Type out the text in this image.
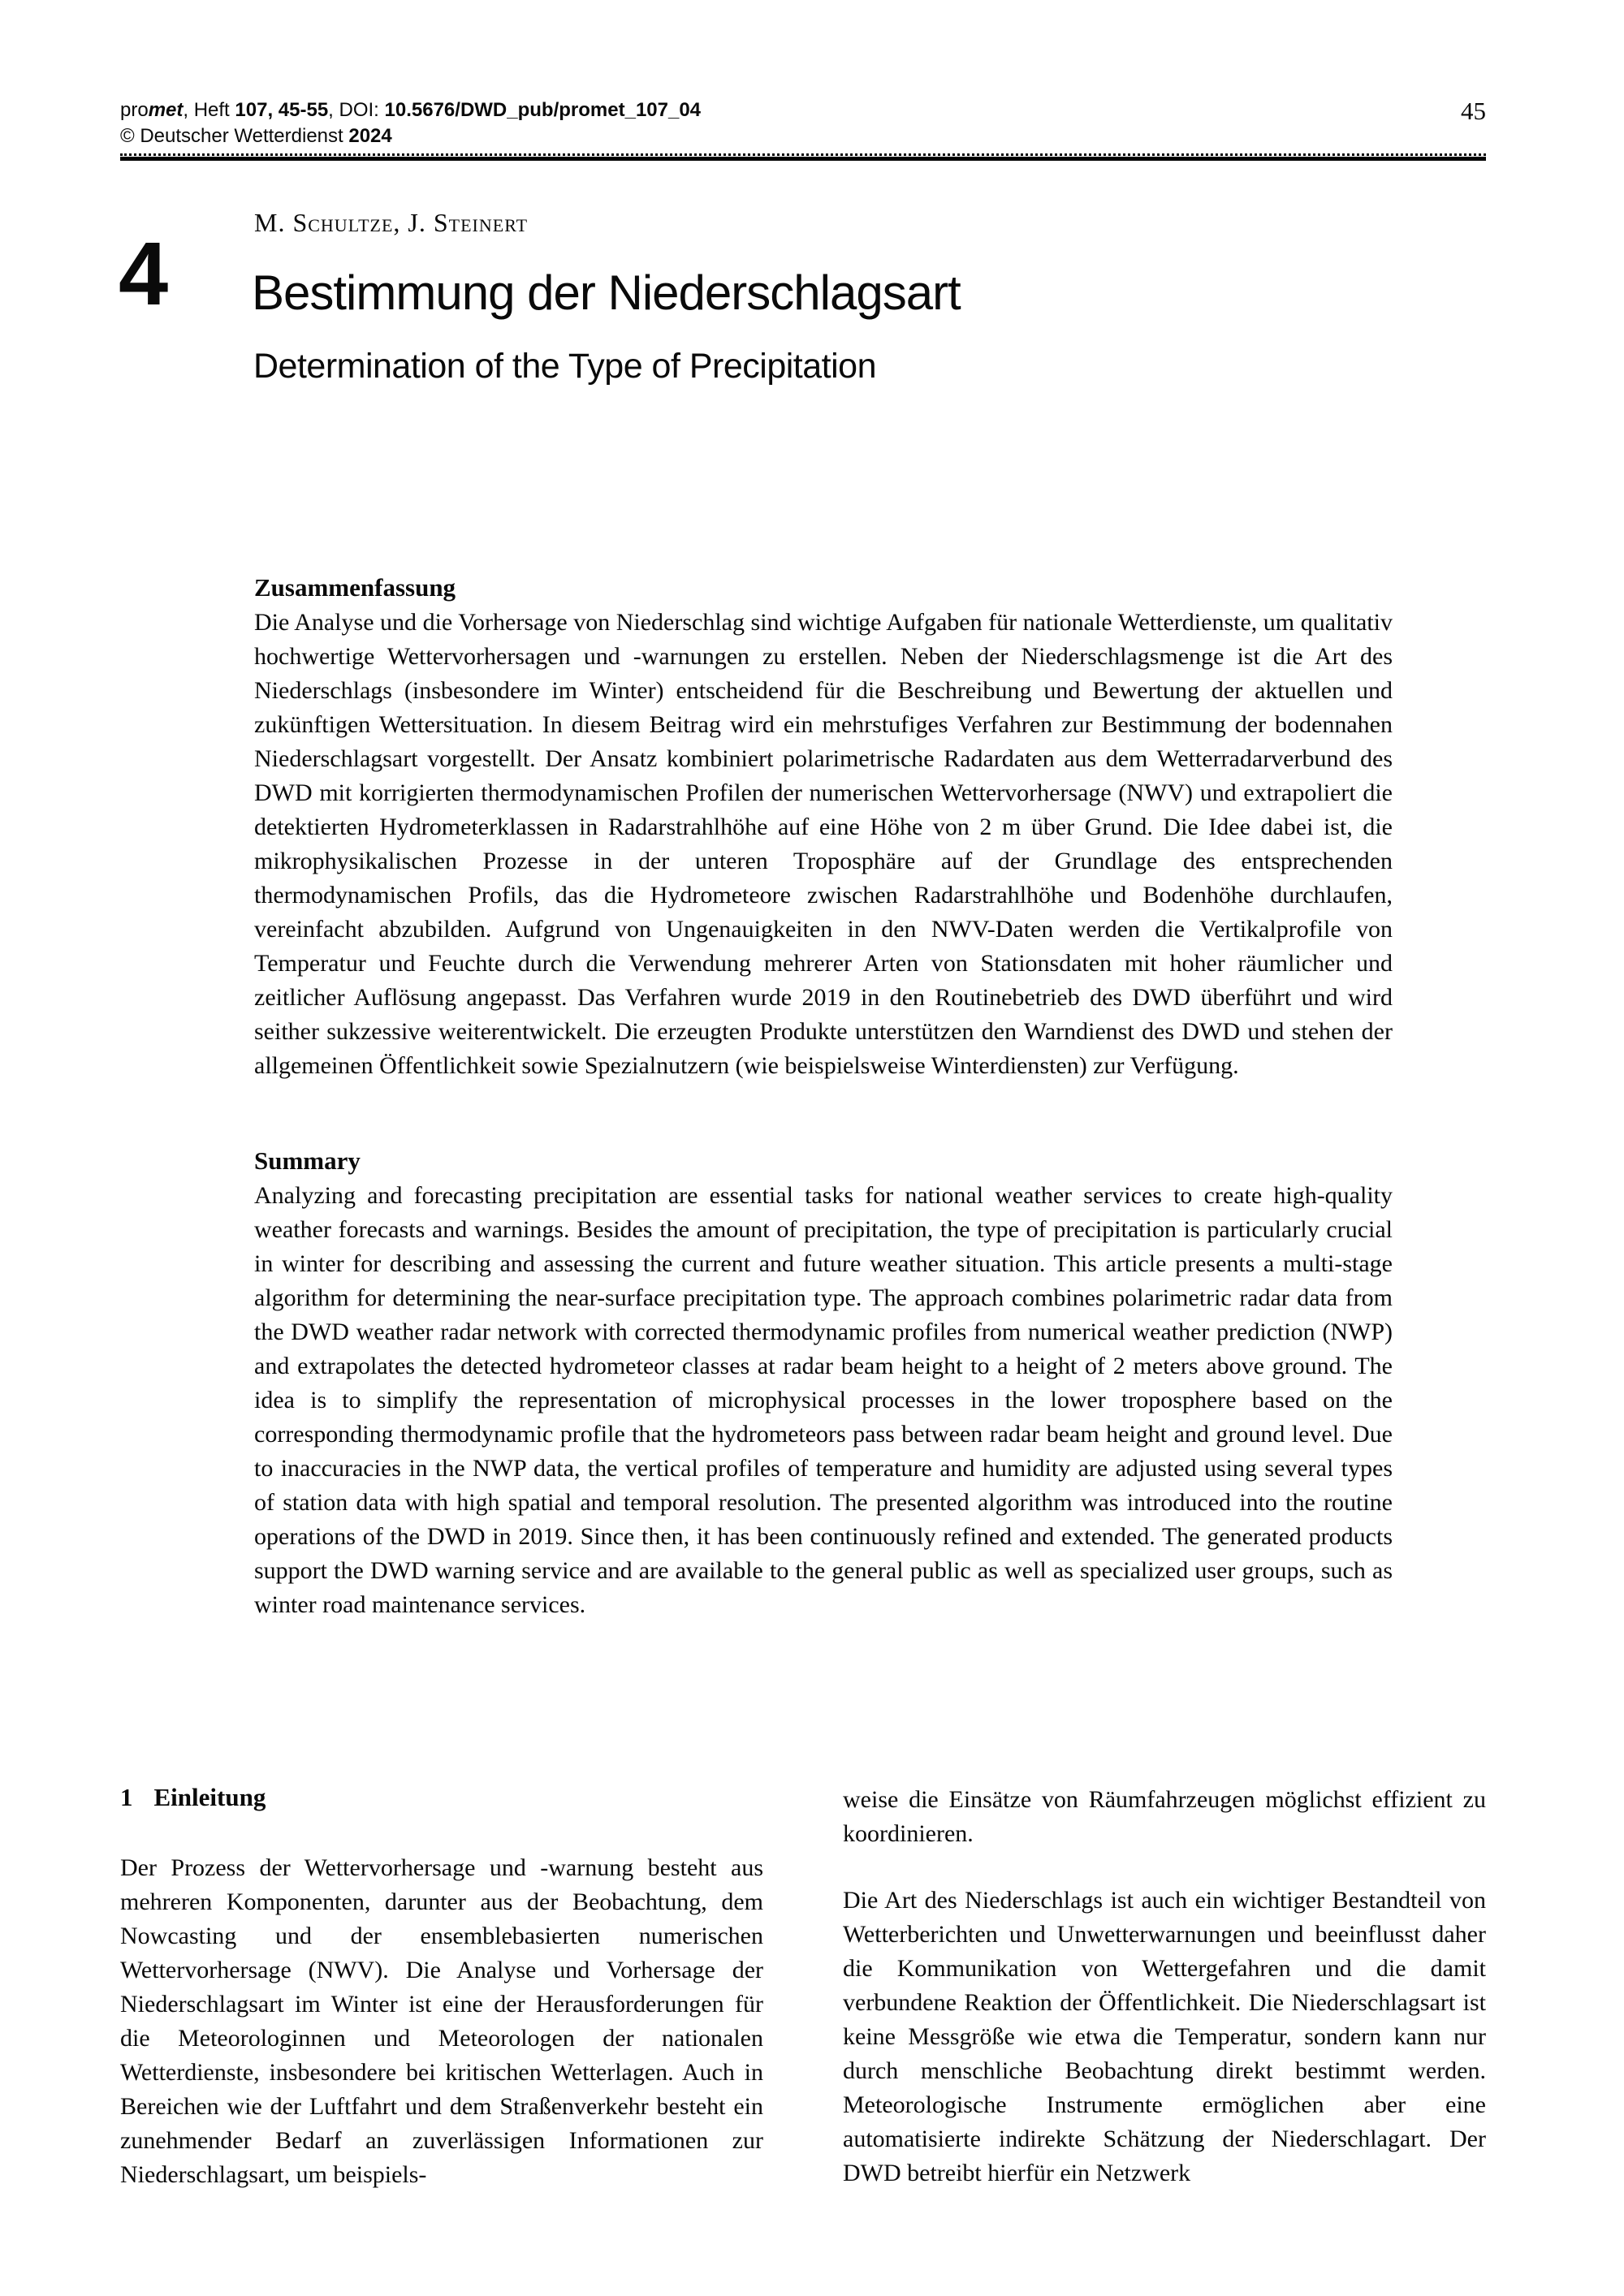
promet, Heft 107, 45-55, DOI: 10.5676/DWD_pub/promet_107_04
© Deutscher Wetterdienst 2024
45
4
M. Schultze, J. Steinert
Bestimmung der Niederschlagsart
Determination of the Type of Precipitation
Zusammenfassung
Die Analyse und die Vorhersage von Niederschlag sind wichtige Aufgaben für nationale Wetterdienste, um qualitativ hochwertige Wettervorhersagen und -warnungen zu erstellen. Neben der Niederschlagsmenge ist die Art des Niederschlags (insbesondere im Winter) entscheidend für die Beschreibung und Bewertung der aktuellen und zukünftigen Wettersituation. In diesem Beitrag wird ein mehrstufiges Verfahren zur Bestimmung der bodennahen Niederschlagsart vorgestellt. Der Ansatz kombiniert polarimetrische Radardaten aus dem Wetterradarverbund des DWD mit korrigierten thermodynamischen Profilen der numerischen Wettervorhersage (NWV) und extrapoliert die detektierten Hydrometerklassen in Radarstrahlhöhe auf eine Höhe von 2 m über Grund. Die Idee dabei ist, die mikrophysikalischen Prozesse in der unteren Troposphäre auf der Grundlage des entsprechenden thermodynamischen Profils, das die Hydrometeore zwischen Radarstrahlhöhe und Bodenhöhe durchlaufen, vereinfacht abzubilden. Aufgrund von Ungenauigkeiten in den NWV-Daten werden die Vertikalprofile von Temperatur und Feuchte durch die Verwendung mehrerer Arten von Stationsdaten mit hoher räumlicher und zeitlicher Auflösung angepasst. Das Verfahren wurde 2019 in den Routinebetrieb des DWD überführt und wird seither sukzessive weiterentwickelt. Die erzeugten Produkte unterstützen den Warndienst des DWD und stehen der allgemeinen Öffentlichkeit sowie Spezialnutzern (wie beispielsweise Winterdiensten) zur Verfügung.
Summary
Analyzing and forecasting precipitation are essential tasks for national weather services to create high-quality weather forecasts and warnings. Besides the amount of precipitation, the type of precipitation is particularly crucial in winter for describing and assessing the current and future weather situation. This article presents a multi-stage algorithm for determining the near-surface precipitation type. The approach combines polarimetric radar data from the DWD weather radar network with corrected thermodynamic profiles from numerical weather prediction (NWP) and extrapolates the detected hydrometeor classes at radar beam height to a height of 2 meters above ground. The idea is to simplify the representation of microphysical processes in the lower troposphere based on the corresponding thermodynamic profile that the hydrometeors pass between radar beam height and ground level. Due to inaccuracies in the NWP data, the vertical profiles of temperature and humidity are adjusted using several types of station data with high spatial and temporal resolution. The presented algorithm was introduced into the routine operations of the DWD in 2019. Since then, it has been continuously refined and extended. The generated products support the DWD warning service and are available to the general public as well as specialized user groups, such as winter road maintenance services.
1 Einleitung

Der Prozess der Wettervorhersage und -warnung besteht aus mehreren Komponenten, darunter aus der Beobachtung, dem Nowcasting und der ensemblebasierten numerischen Wettervorhersage (NWV). Die Analyse und Vorhersage der Niederschlagsart im Winter ist eine der Herausforderungen für die Meteorologinnen und Meteorologen der nationalen Wetterdienste, insbesondere bei kritischen Wetterlagen. Auch in Bereichen wie der Luftfahrt und dem Straßenverkehr besteht ein zunehmender Bedarf an zuverlässigen Informationen zur Niederschlagsart, um beispiels-

weise die Einsätze von Räumfahrzeugen möglichst effizient zu koordinieren.

Die Art des Niederschlags ist auch ein wichtiger Bestandteil von Wetterberichten und Unwetterwarnungen und beeinflusst daher die Kommunikation von Wettergefahren und die damit verbundene Reaktion der Öffentlichkeit. Die Niederschlagsart ist keine Messgröße wie etwa die Temperatur, sondern kann nur durch menschliche Beobachtung direkt bestimmt werden. Meteorologische Instrumente ermöglichen aber eine automatisierte indirekte Schätzung der Niederschlagart. Der DWD betreibt hierfür ein Netzwerk
